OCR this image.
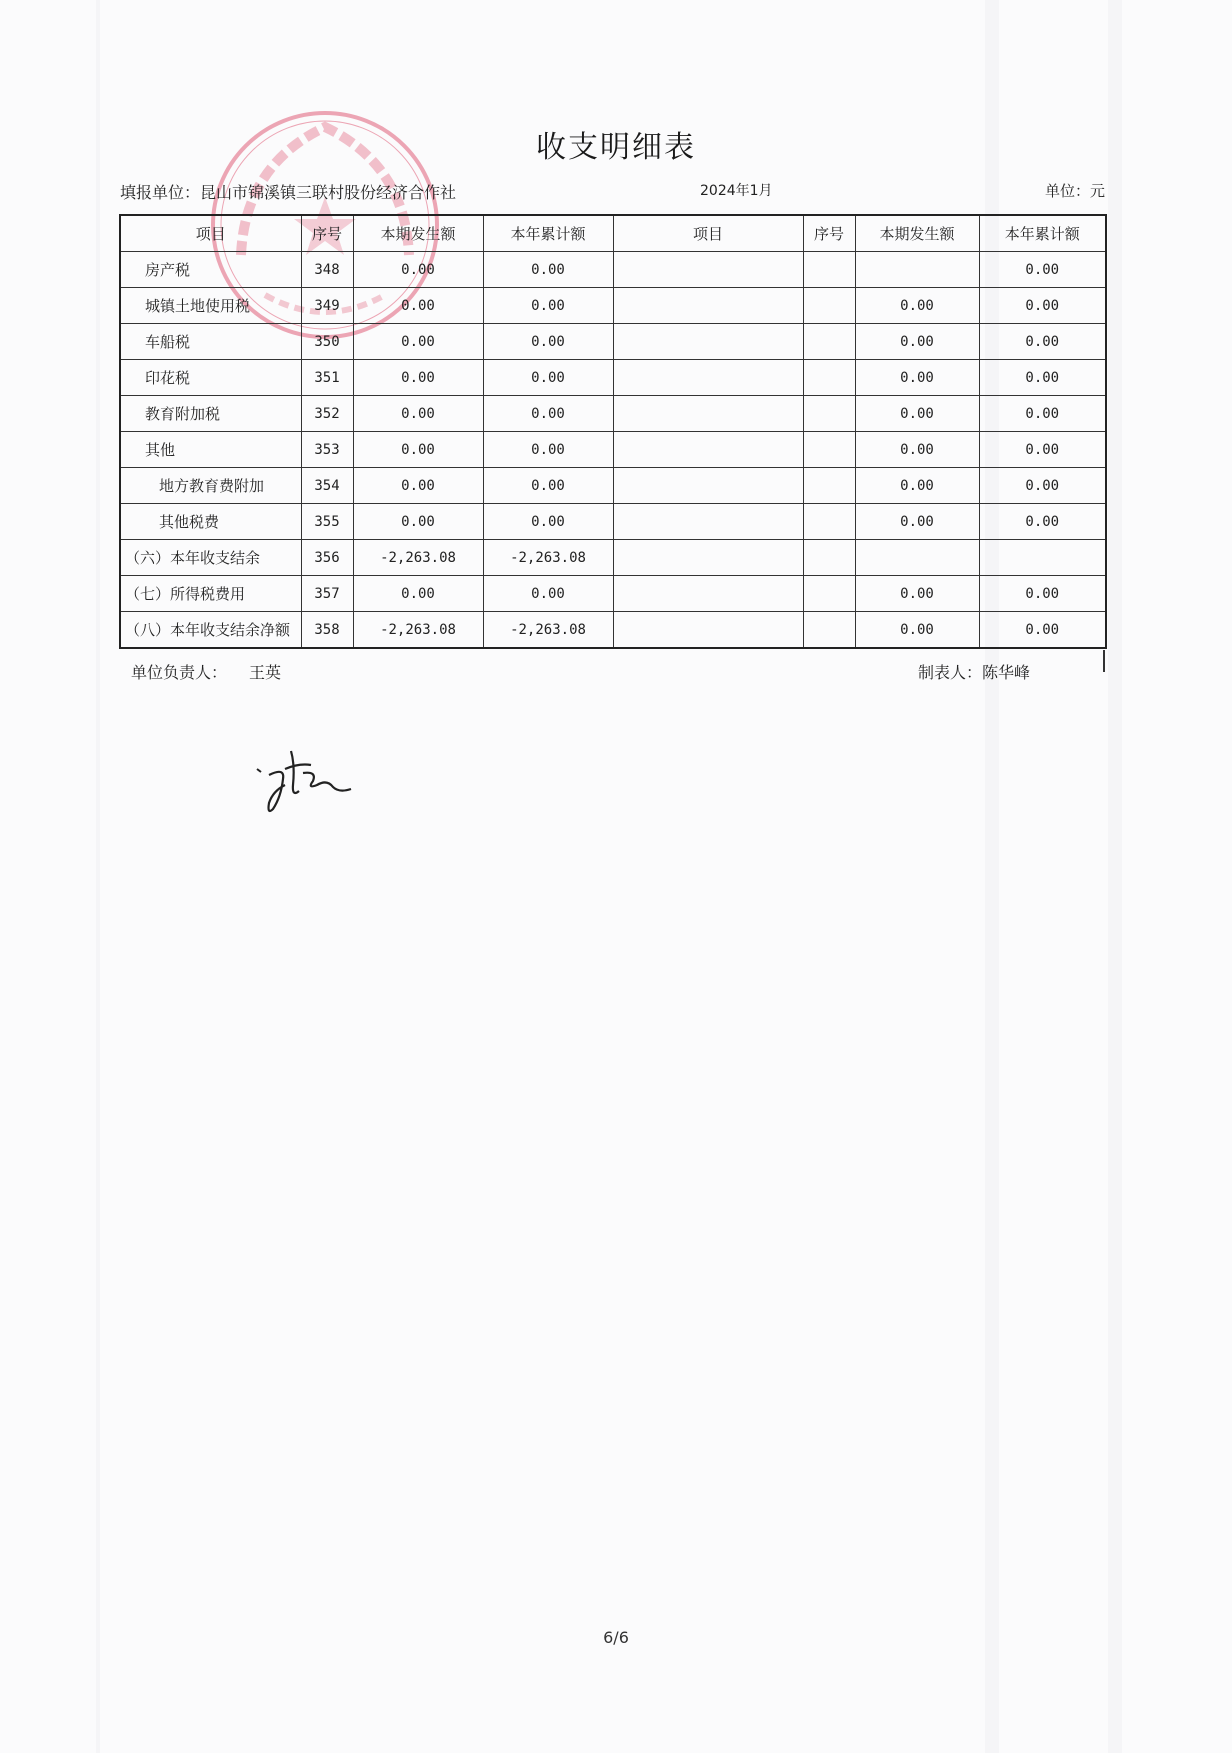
收支明细表
填报单位：昆山市锦溪镇三联村股份经济合作社	2024年1月	单位：元
项目	序号	本期发生额	本年累计额	项目	序号	本期发生额	本年累计额
房产税	348	0.00	0.00				0.00
城镇土地使用税	349	0.00	0.00			0.00	0.00
车船税	350	0.00	0.00			0.00	0.00
印花税	351	0.00	0.00			0.00	0.00
教育附加税	352	0.00	0.00			0.00	0.00
其他	353	0.00	0.00			0.00	0.00
地方教育费附加	354	0.00	0.00			0.00	0.00
其他税费	355	0.00	0.00			0.00	0.00
（六）本年收支结余	356	-2,263.08	-2,263.08				
（七）所得税费用	357	0.00	0.00			0.00	0.00
（八）本年收支结余净额	358	-2,263.08	-2,263.08			0.00	0.00
单位负责人： 王英	制表人：陈华峰
6/6
